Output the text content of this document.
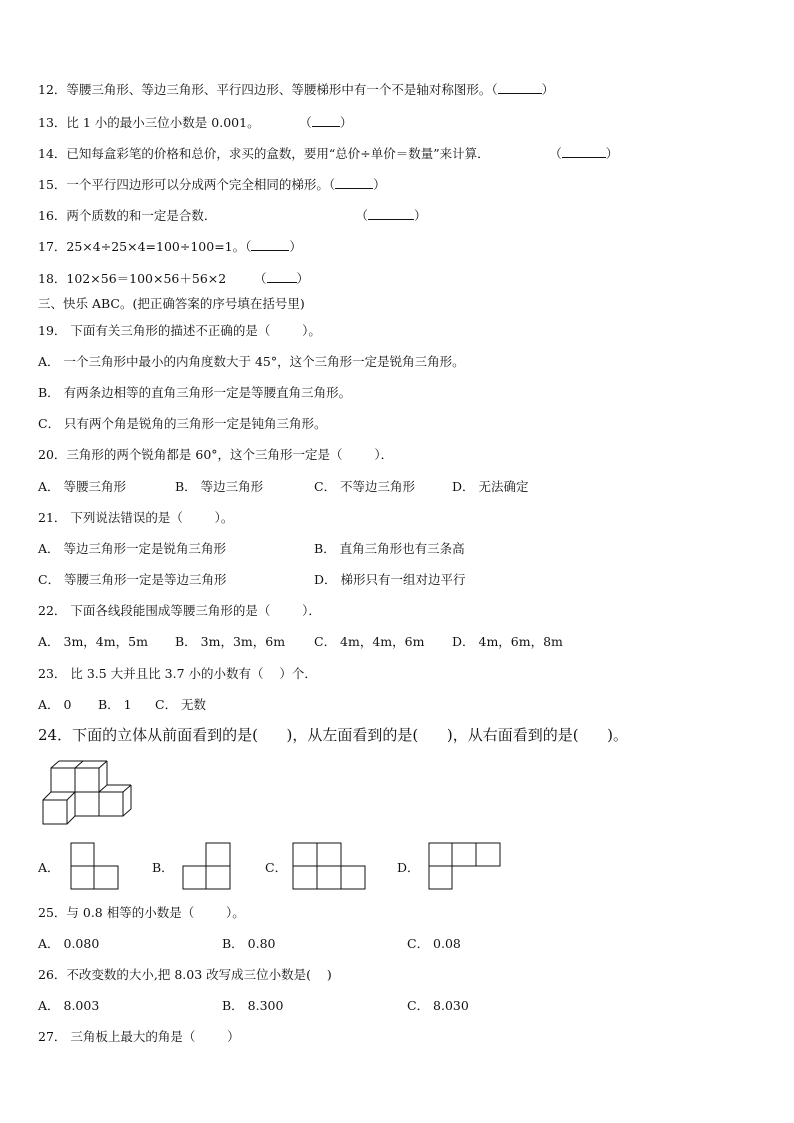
12．等腰三角形、等边三角形、平行四边形、等腰梯形中有一个不是轴对称图形。（	）
13．比 1 小的最小三位小数是 0.001。          （ ）
14．已知每盒彩笔的价格和总价，求买的盒数，要用“总价÷单价＝数量”来计算．               （	）
15．一个平行四边形可以分成两个完全相同的梯形。（	）
16．两个质数的和一定是合数．                                   （	）
17．25×4÷25×4=100÷100=1。（	）
18．102×56＝100×56＋56×2       （ ）
三、快乐 ABC。(把正确答案的序号填在括号里)
19． 下面有关三角形的描述不正确的是（        ）。
A． 一个三角形中最小的内角度数大于 45°，这个三角形一定是锐角三角形。
B． 有两条边相等的直角三角形一定是等腰直角三角形。
C． 只有两个角是锐角的三角形一定是钝角三角形。
20．三角形的两个锐角都是 60°，这个三角形一定是（        ）．
A． 等腰三角形	B． 等边三角形	C． 不等边三角形	D． 无法确定
21． 下列说法错误的是（        ）。
A． 等边三角形一定是锐角三角形	B． 直角三角形也有三条高
C． 等腰三角形一定是等边三角形	D． 梯形只有一组对边平行
22． 下面各线段能围成等腰三角形的是（        ）．
A． 3m，4m，5m B． 3m，3m，6m C． 4m，4m，6m D． 4m，6m，8m
23． 比 3.5 大并且比 3.7 小的小数有（    ）个．
A． 0 B． 1 C． 无数
24．下面的立体从前面看到的是(      )，从左面看到的是(      )，从右面看到的是(      )。
A．	B．	C．	D．
25．与 0.8 相等的小数是（        ）。
A． 0.080	B． 0.80	C． 0.08
26．不改变数的大小,把 8.03 改写成三位小数是(    )
A． 8.003	B． 8.300	C． 8.030
27． 三角板上最大的角是（        ）
